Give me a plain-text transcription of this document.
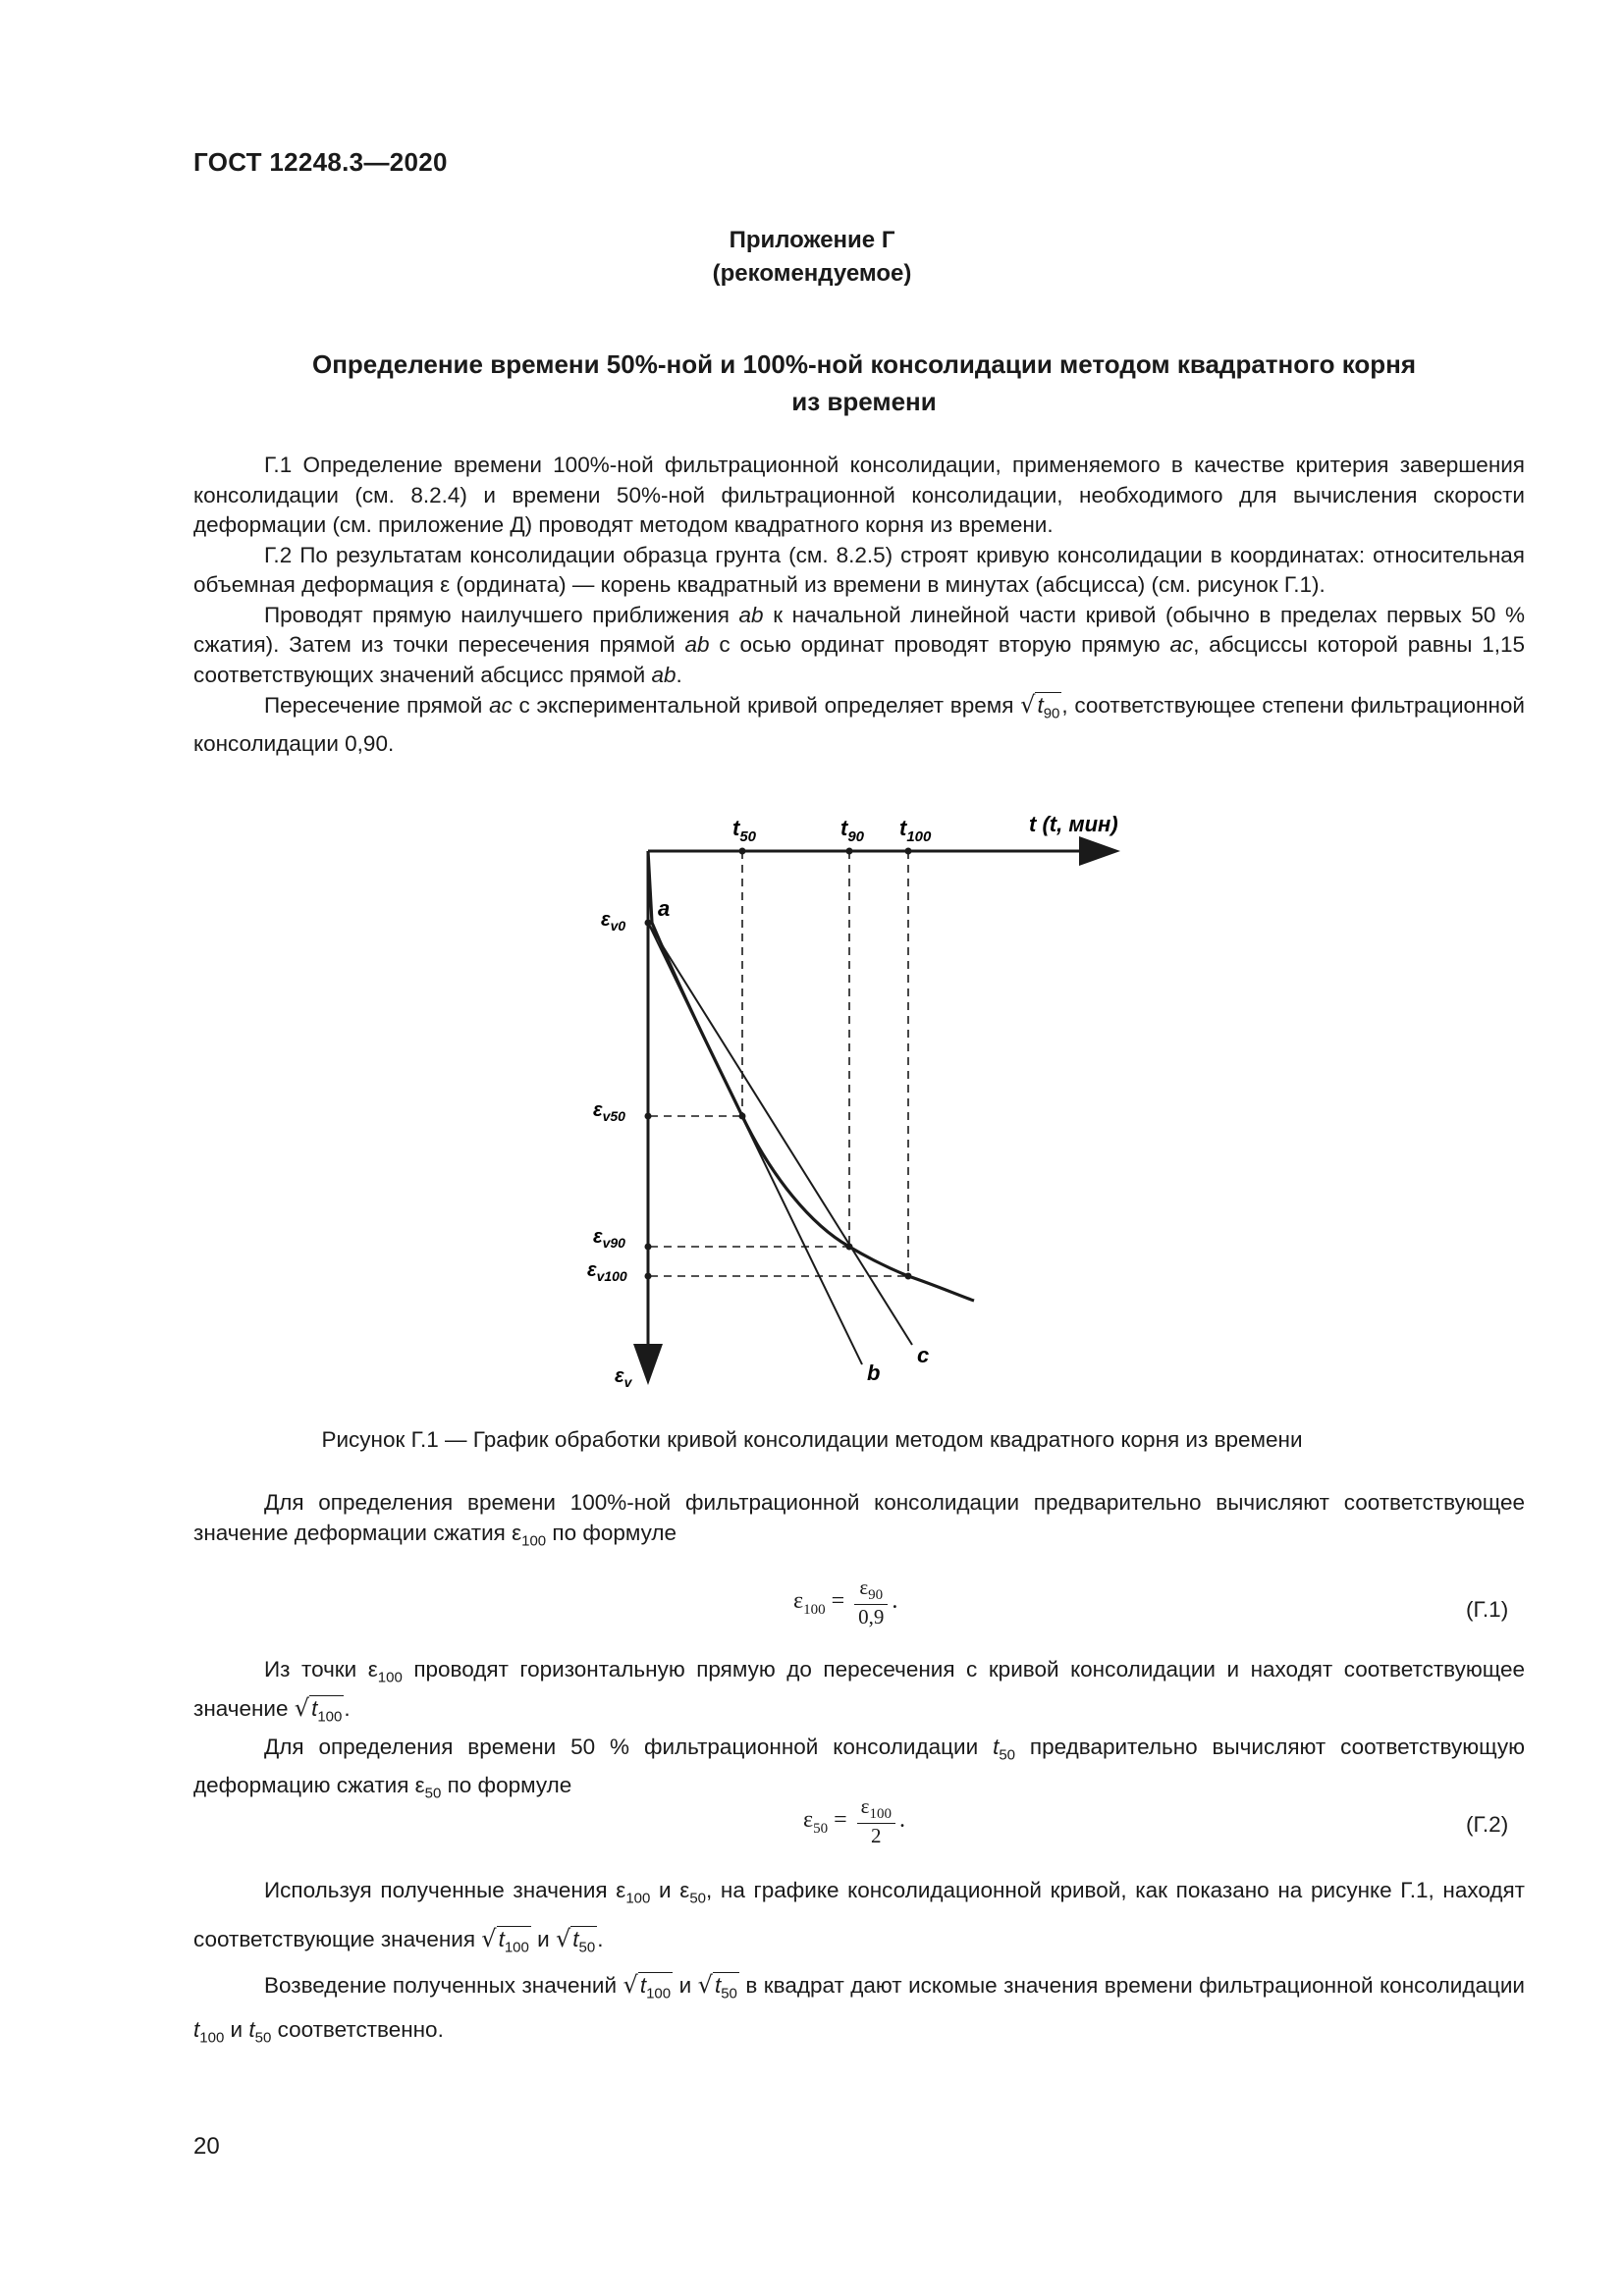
ГОСТ 12248.3—2020
Приложение Г
(рекомендуемое)
Определение времени 50%-ной и 100%-ной консолидации методом квадратного корня
из времени

Г.1 Определение времени 100%-ной фильтрационной консолидации, применяемого в качестве критерия завершения консолидации (см. 8.2.4) и времени 50%-ной фильтрационной консолидации, необходимого для вычисления скорости деформации (см. приложение Д) проводят методом квадратного корня из времени.

Г.2 По результатам консолидации образца грунта (см. 8.2.5) строят кривую консолидации в координатах: относительная объемная деформация ε (ордината) — корень квадратный из времени в минутах (абсцисса) (см. рисунок Г.1).

Проводят прямую наилучшего приближения ab к начальной линейной части кривой (обычно в пределах первых 50 % сжатия). Затем из точки пересечения прямой ab с осью ординат проводят вторую прямую ac, абсциссы которой равны 1,15 соответствующих значений абсцисс прямой ab.

Пересечение прямой ac с экспериментальной кривой определяет время $√t_{90}$, соответствующее степени фильтрационной консолидации 0,90.

$t_{50}$	$t_{90}$ $t_{100}$
t (t, мин)
$\varepsilon_{v0}$
$\varepsilon_{v50}$
$\varepsilon_{v90}$
$\varepsilon_{v100}$
$\varepsilon_v$
a
b
c
Рисунок Г.1 — График обработки кривой консолидации методом квадратного корня из времени

Для определения времени 100%-ной фильтрационной консолидации предварительно вычисляют соответствующее значение деформации сжатия $\varepsilon_{100}$ по формуле

$\varepsilon_{100} = \frac{\varepsilon_{90}}{0,9}$ .	(Г.1)

Из точки $\varepsilon_{100}$ проводят горизонтальную прямую до пересечения с кривой консолидации и находят соответствующее значение $√t_{100}$.

Для определения времени 50 % фильтрационной консолидации $t_{50}$ предварительно вычисляют соответствующую деформацию сжатия $\varepsilon_{50}$ по формуле

$\varepsilon_{50} = \frac{\varepsilon_{100}}{2}$ .	(Г.2)

Используя полученные значения $\varepsilon_{100}$ и $\varepsilon_{50}$, на графике консолидационной кривой, как показано на рисунке Г.1, находят соответствующие значения $√t_{100}$ и $√t_{50}$.

Возведение полученных значений $√t_{100}$ и $√t_{50}$ в квадрат дают искомые значения времени фильтрационной консолидации $t_{100}$ и $t_{50}$ соответственно.

20
